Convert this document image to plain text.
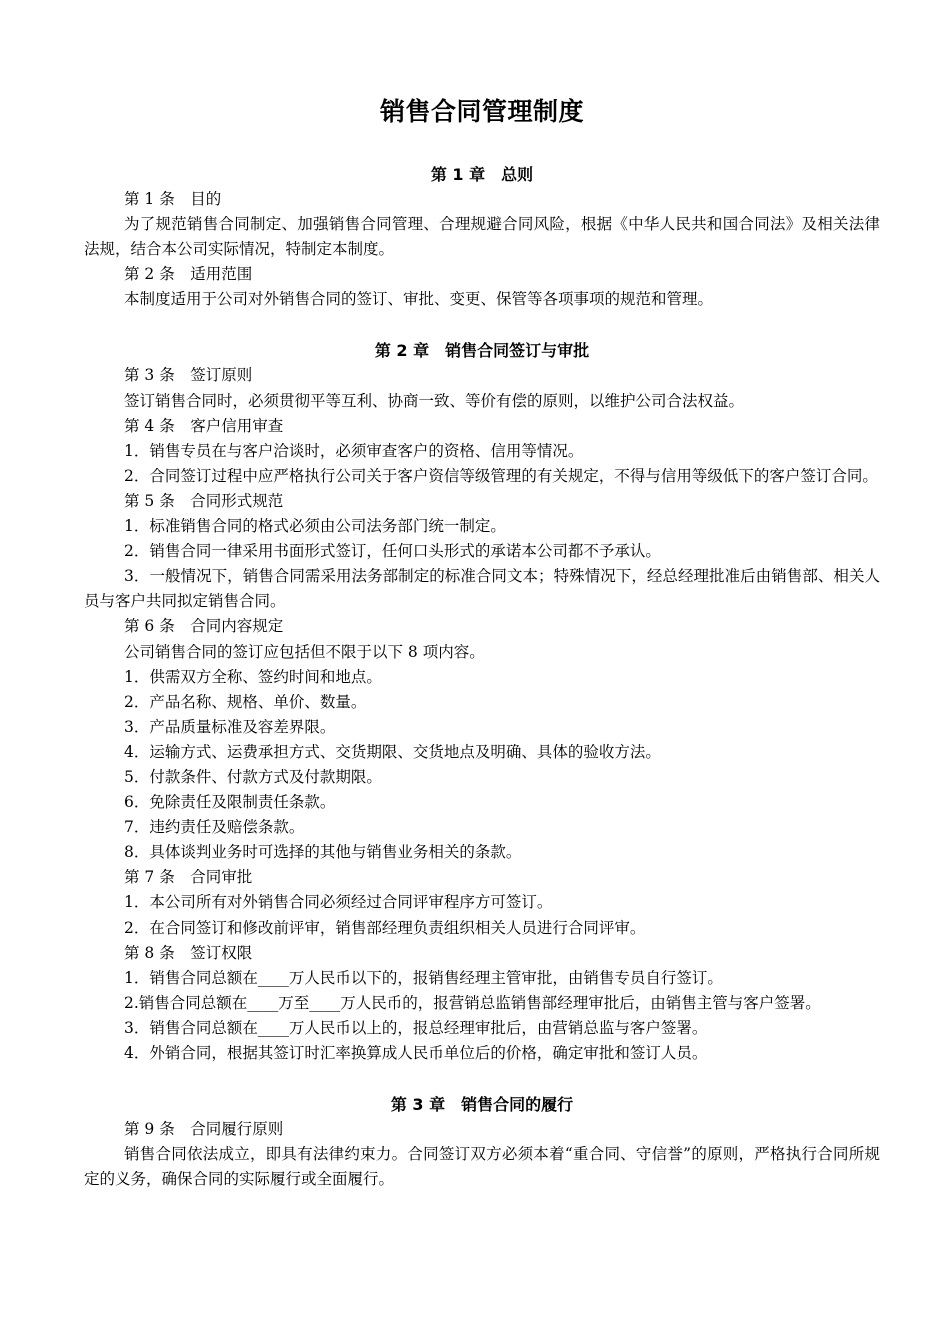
销售合同管理制度
第 1 章　总则

第 1 条　目的

为了规范销售合同制定、加强销售合同管理、合理规避合同风险，根据《中华人民共和国合同法》及相关法律法规，结合本公司实际情况，特制定本制度。

第 2 条　适用范围

本制度适用于公司对外销售合同的签订、审批、变更、保管等各项事项的规范和管理。

第 2 章　销售合同签订与审批

第 3 条　签订原则

签订销售合同时，必须贯彻平等互利、协商一致、等价有偿的原则，以维护公司合法权益。

第 4 条　客户信用审查

1．销售专员在与客户洽谈时，必须审查客户的资格、信用等情况。

2．合同签订过程中应严格执行公司关于客户资信等级管理的有关规定，不得与信用等级低下的客户签订合同。

第 5 条　合同形式规范

1．标准销售合同的格式必须由公司法务部门统一制定。

2．销售合同一律采用书面形式签订，任何口头形式的承诺本公司都不予承认。

3．一般情况下，销售合同需采用法务部制定的标准合同文本；特殊情况下，经总经理批准后由销售部、相关人员与客户共同拟定销售合同。

第 6 条　合同内容规定

公司销售合同的签订应包括但不限于以下 8 项内容。

1．供需双方全称、签约时间和地点。

2．产品名称、规格、单价、数量。

3．产品质量标准及容差界限。

4．运输方式、运费承担方式、交货期限、交货地点及明确、具体的验收方法。

5．付款条件、付款方式及付款期限。

6．免除责任及限制责任条款。

7．违约责任及赔偿条款。

8．具体谈判业务时可选择的其他与销售业务相关的条款。

第 7 条　合同审批

1．本公司所有对外销售合同必须经过合同评审程序方可签订。

2．在合同签订和修改前评审，销售部经理负责组织相关人员进行合同评审。

第 8 条　签订权限

1．销售合同总额在____万人民币以下的，报销售经理主管审批，由销售专员自行签订。

2.销售合同总额在____万至____万人民币的，报营销总监销售部经理审批后，由销售主管与客户签署。

3．销售合同总额在____万人民币以上的，报总经理审批后，由营销总监与客户签署。

4．外销合同，根据其签订时汇率换算成人民币单位后的价格，确定审批和签订人员。

第 3 章　销售合同的履行

第 9 条　合同履行原则

销售合同依法成立，即具有法律约束力。合同签订双方必须本着“重合同、守信誉”的原则，严格执行合同所规定的义务，确保合同的实际履行或全面履行。
